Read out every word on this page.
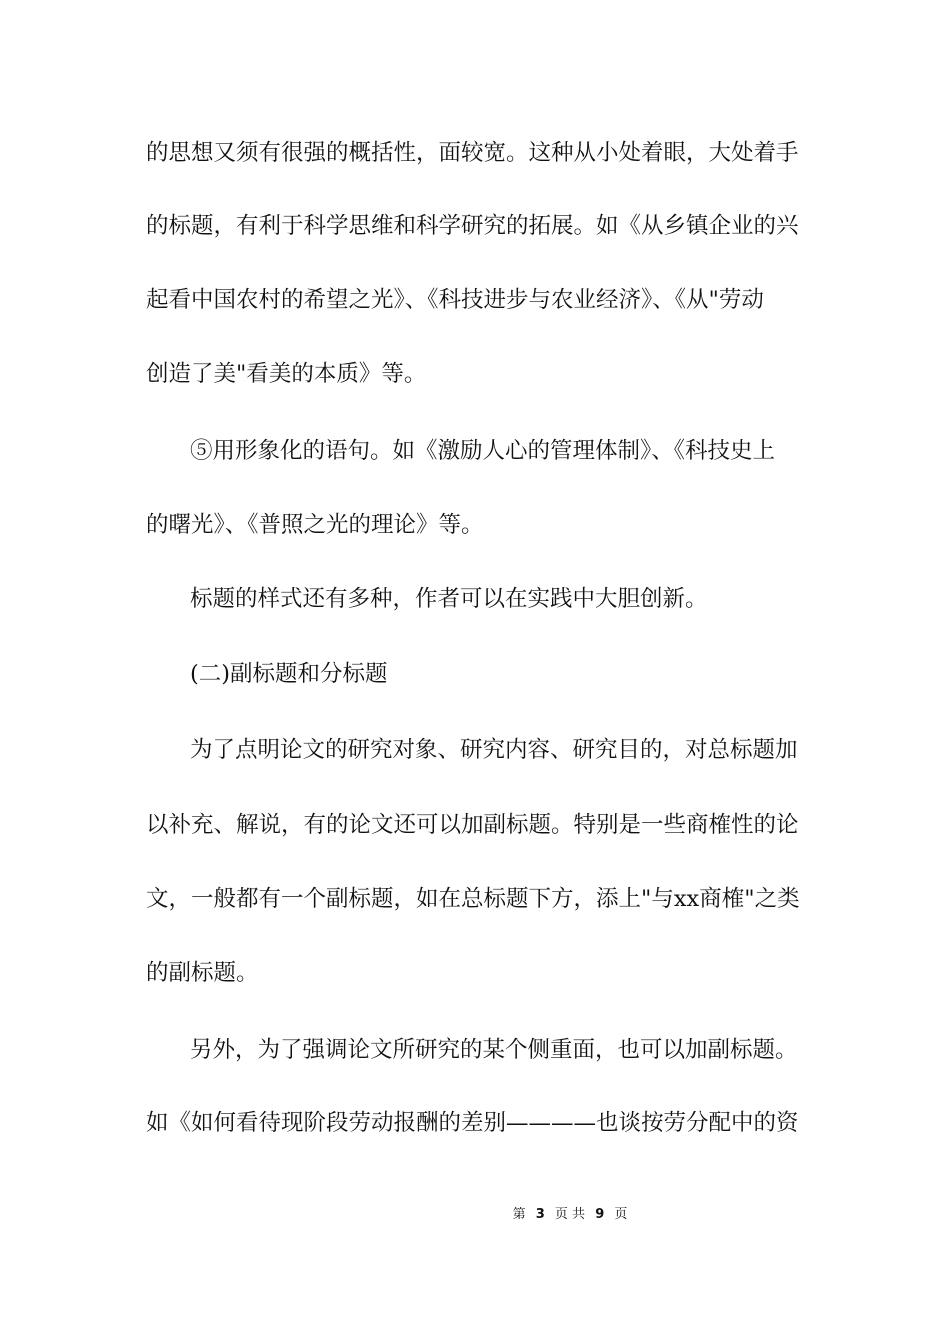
的思想又须有很强的概括性，面较宽。这种从小处着眼，大处着手
的标题，有利于科学思维和科学研究的拓展。如《从乡镇企业的兴
起看中国农村的希望之光》、《科技进步与农业经济》、《从"劳动
创造了美"看美的本质》等。
⑤用形象化的语句。如《激励人心的管理体制》、《科技史上
的曙光》、《普照之光的理论》等。
标题的样式还有多种，作者可以在实践中大胆创新。
(二)副标题和分标题
为了点明论文的研究对象、研究内容、研究目的，对总标题加
以补充、解说，有的论文还可以加副标题。特别是一些商榷性的论
文，一般都有一个副标题，如在总标题下方，添上"与xx商榷"之类
的副标题。
另外，为了强调论文所研究的某个侧重面，也可以加副标题。
如《如何看待现阶段劳动报酬的差别————也谈按劳分配中的资
第 3 页 共 9 页
